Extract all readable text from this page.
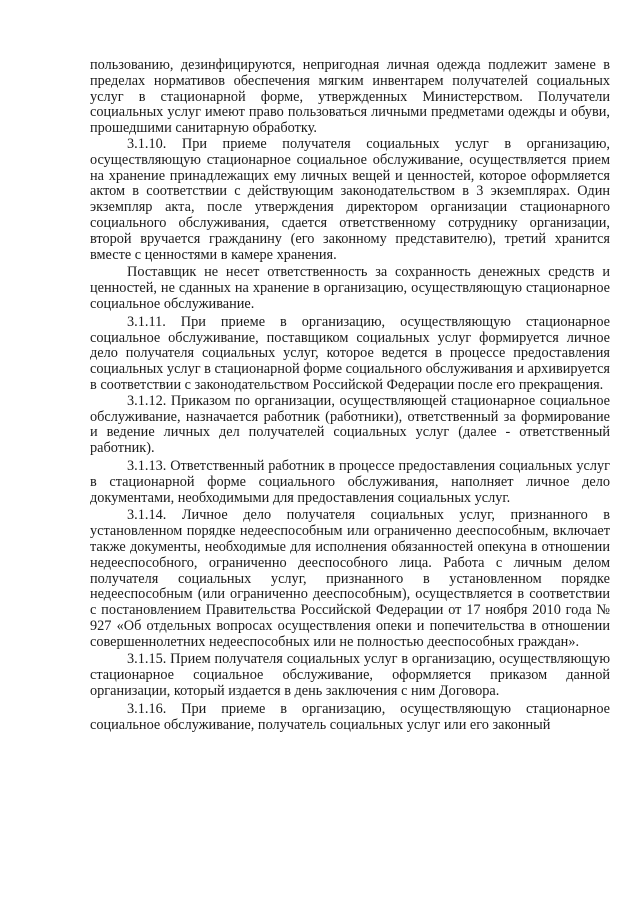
пользованию, дезинфицируются, непригодная личная одежда подлежит замене в пределах нормативов обеспечения мягким инвентарем получателей социальных услуг в стационарной форме, утвержденных Министерством. Получатели социальных услуг имеют право пользоваться личными предметами одежды и обуви, прошедшими санитарную обработку.

3.1.10. При приеме получателя социальных услуг в организацию, осуществляющую стационарное социальное обслуживание, осуществляется прием на хранение принадлежащих ему личных вещей и ценностей, которое оформляется актом в соответствии с действующим законодательством в 3 экземплярах. Один экземпляр акта, после утверждения директором организации стационарного социального обслуживания, сдается ответственному сотруднику организации, второй вручается гражданину (его законному представителю), третий хранится вместе с ценностями в камере хранения.

Поставщик не несет ответственность за сохранность денежных средств и ценностей, не сданных на хранение в организацию, осуществляющую стационарное социальное обслуживание.

3.1.11. При приеме в организацию, осуществляющую стационарное социальное обслуживание, поставщиком социальных услуг формируется личное дело получателя социальных услуг, которое ведется в процессе предоставления социальных услуг в стационарной форме социального обслуживания и архивируется в соответствии с законодательством Российской Федерации после его прекращения.

3.1.12. Приказом по организации, осуществляющей стационарное социальное обслуживание, назначается работник (работники), ответственный за формирование и ведение личных дел получателей социальных услуг (далее - ответственный работник).

3.1.13. Ответственный работник в процессе предоставления социальных услуг в стационарной форме социального обслуживания, наполняет личное дело документами, необходимыми для предоставления социальных услуг.

3.1.14. Личное дело получателя социальных услуг, признанного в установленном порядке недееспособным или ограниченно дееспособным, включает также документы, необходимые для исполнения обязанностей опекуна в отношении недееспособного, ограниченно дееспособного лица. Работа с личным делом получателя социальных услуг, признанного в установленном порядке недееспособным (или ограниченно дееспособным), осуществляется в соответствии с постановлением Правительства Российской Федерации от 17 ноября 2010 года № 927 «Об отдельных вопросах осуществления опеки и попечительства в отношении совершеннолетних недееспособных или не полностью дееспособных граждан».

3.1.15. Прием получателя социальных услуг в организацию, осуществляющую стационарное социальное обслуживание, оформляется приказом данной организации, который издается в день заключения с ним Договора.

3.1.16. При приеме в организацию, осуществляющую стационарное социальное обслуживание, получатель социальных услуг или его законный
